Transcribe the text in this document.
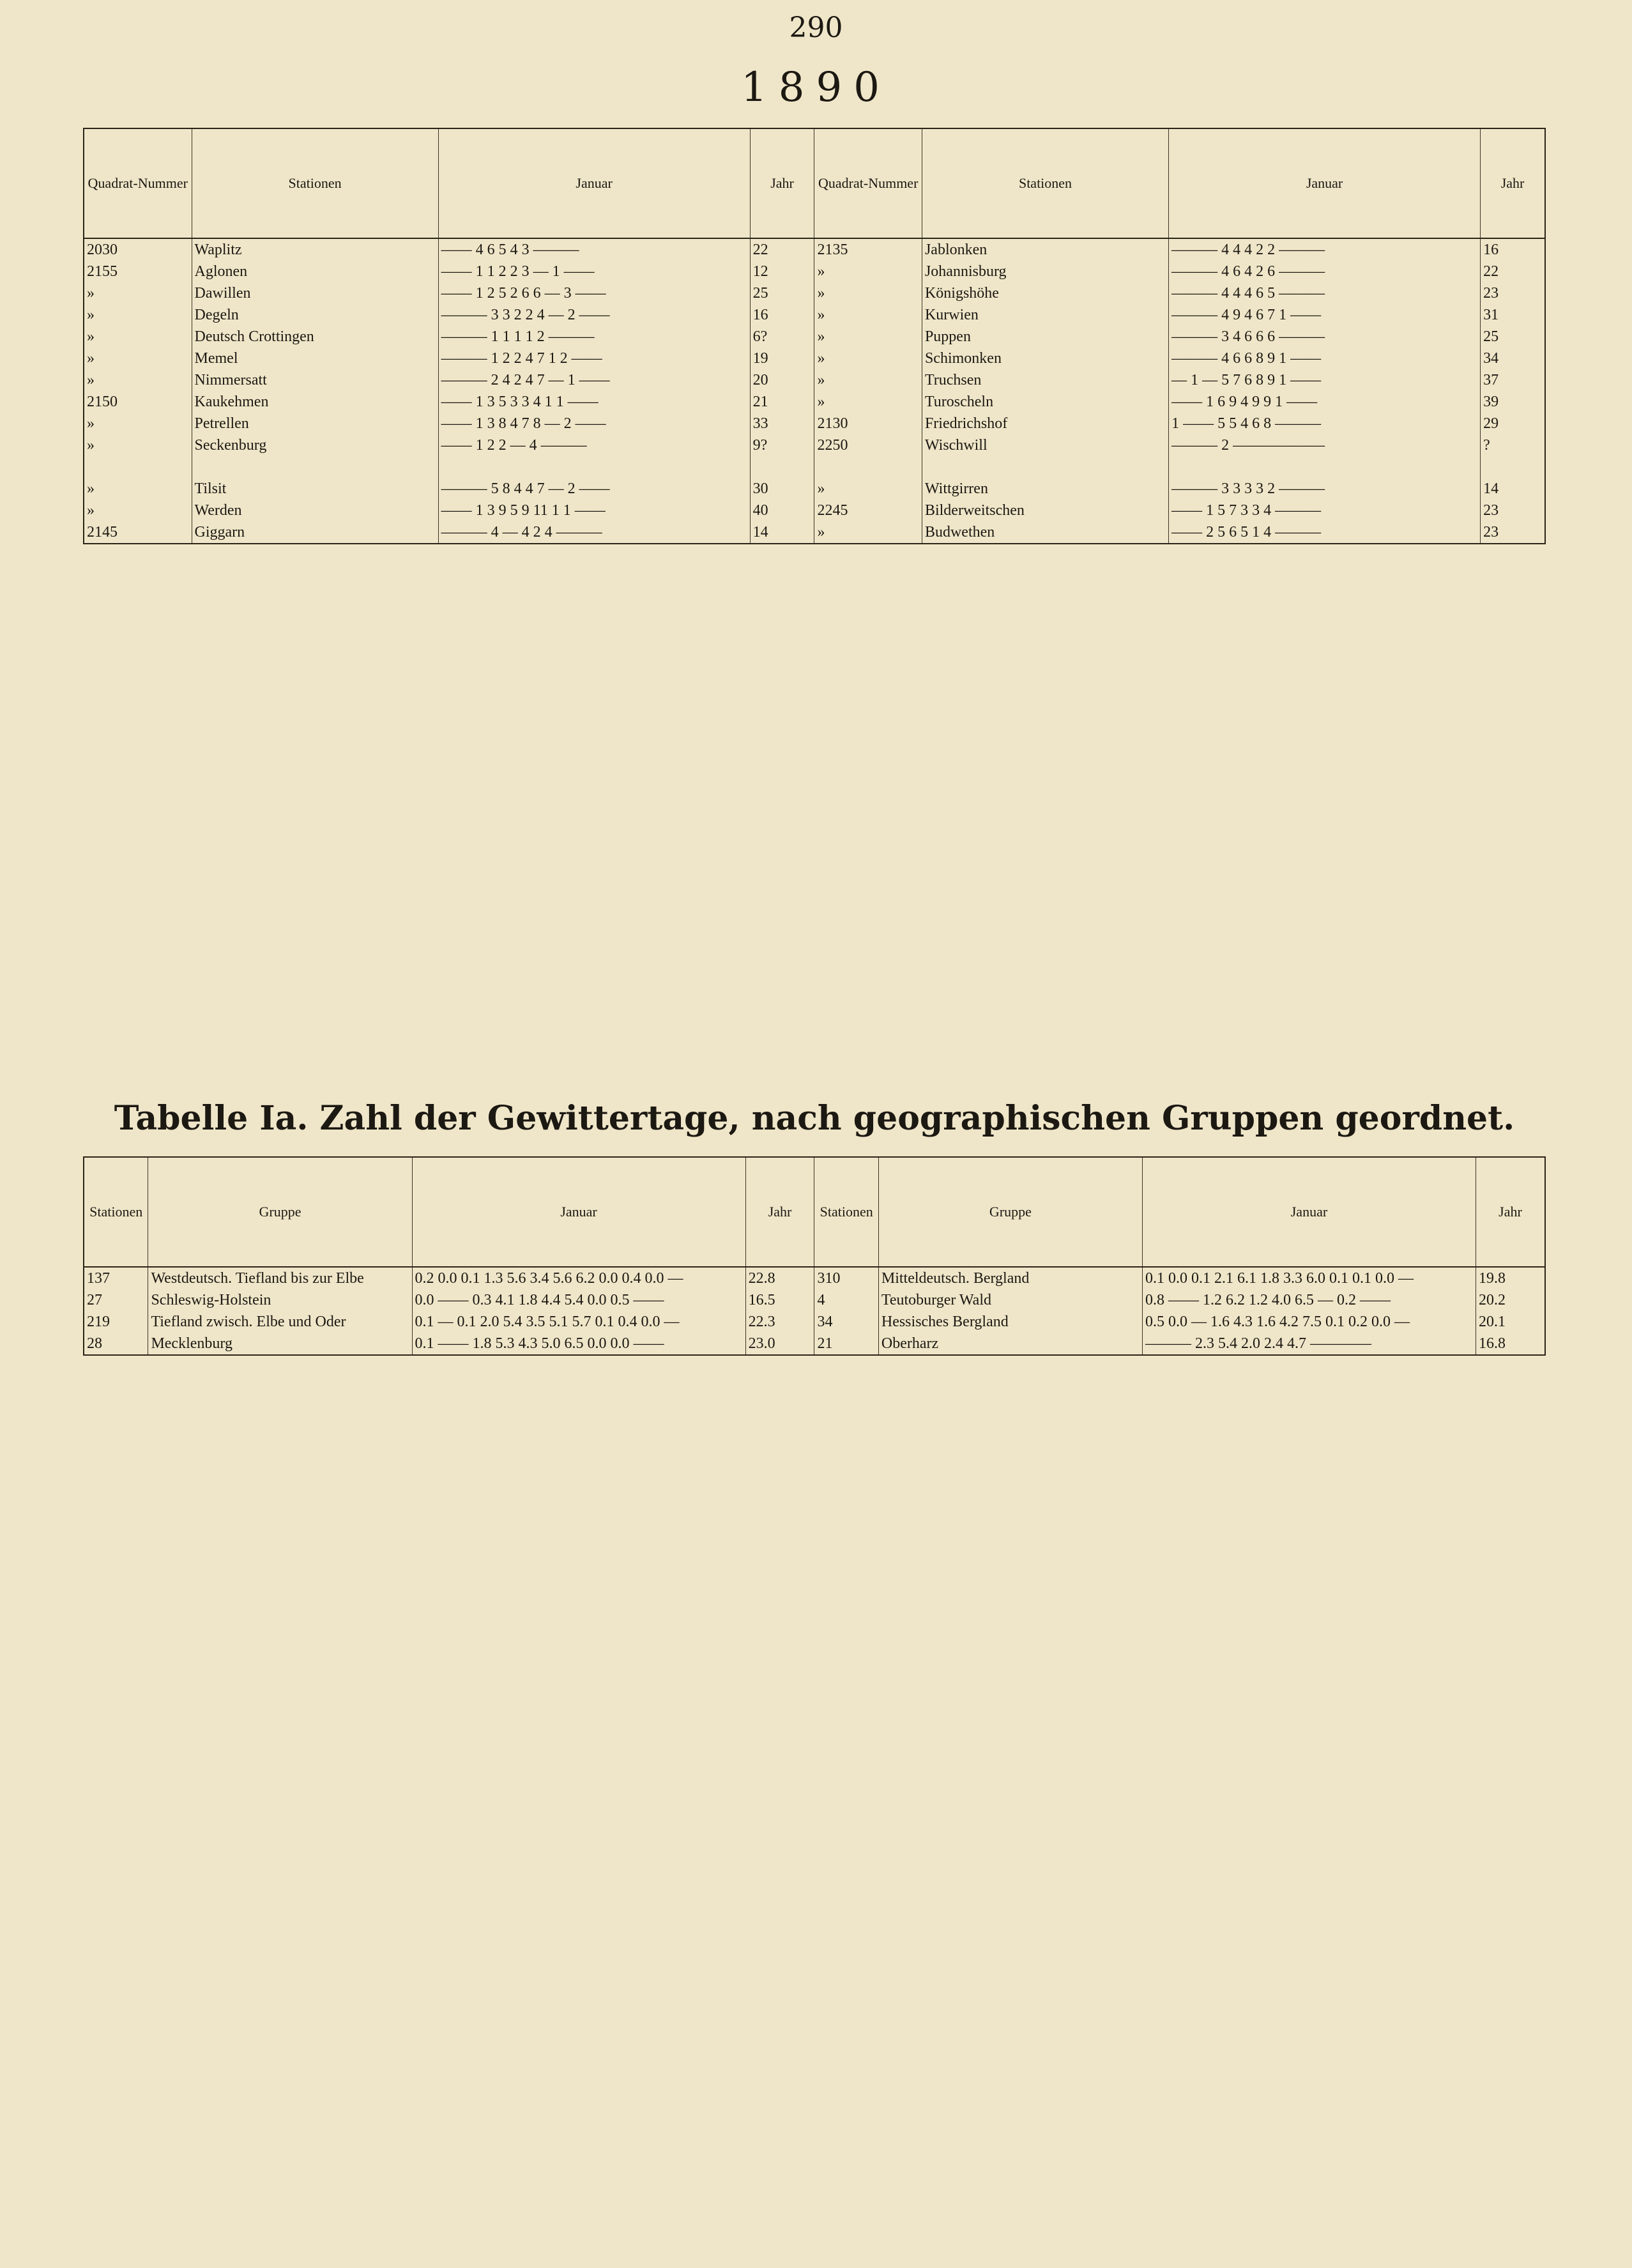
290
1890
Quadrat-Nummer	Stationen	Januar	Jahr	Quadrat-Nummer	Stationen	Januar	Jahr
2030	Waplitz	—— 4 6 5 4 3 ———	22	2135	Jablonken	——— 4 4 4 2 2 ———	16
2155	Aglonen	—— 1 1 2 2 3 — 1 ——	12	»	Johannisburg	——— 4 6 4 2 6 ———	22
»	Dawillen	—— 1 2 5 2 6 6 — 3 ——	25	»	Königshöhe	——— 4 4 4 6 5 ———	23
»	Degeln	——— 3 3 2 2 4 — 2 ——	16	»	Kurwien	——— 4 9 4 6 7 1 ——	31
»	Deutsch Crottingen	——— 1 1 1 1 2 ———	6?	»	Puppen	——— 3 4 6 6 6 ———	25
»	Memel	——— 1 2 2 4 7 1 2 ——	19	»	Schimonken	——— 4 6 6 8 9 1 ——	34
»	Nimmersatt	——— 2 4 2 4 7 — 1 ——	20	»	Truchsen	— 1 — 5 7 6 8 9 1 ——	37
2150	Kaukehmen	—— 1 3 5 3 3 4 1 1 ——	21	»	Turoscheln	—— 1 6 9 4 9 9 1 ——	39
»	Petrellen	—— 1 3 8 4 7 8 — 2 ——	33	2130	Friedrichshof	1 —— 5 5 4 6 8 ———	29
»	Seckenburg	—— 1 2 2 — 4 ———	9?	2250	Wischwill	——— 2 ——————	?

»	Tilsit	——— 5 8 4 4 7 — 2 ——	30	»	Wittgirren	——— 3 3 3 3 2 ———	14
»	Werden	—— 1 3 9 5 9 11 1 1 ——	40	2245	Bilderweitschen	—— 1 5 7 3 3 4 ———	23
2145	Giggarn	——— 4 — 4 2 4 ———	14	»	Budwethen	—— 2 5 6 5 1 4 ———	23
Tabelle Ia. Zahl der Gewittertage, nach geographischen Gruppen geordnet.
Stationen	Gruppe	Januar	Jahr	Stationen	Gruppe	Januar	Jahr
137	Westdeutsch. Tiefland bis zur Elbe	0.2 0.0 0.1 1.3 5.6 3.4 5.6 6.2 0.0 0.4 0.0 —	22.8	310	Mitteldeutsch. Bergland	0.1 0.0 0.1 2.1 6.1 1.8 3.3 6.0 0.1 0.1 0.0 —	19.8
27	Schleswig-Holstein	0.0 —— 0.3 4.1 1.8 4.4 5.4 0.0 0.5 ——	16.5	4	Teutoburger Wald	0.8 —— 1.2 6.2 1.2 4.0 6.5 — 0.2 ——	20.2
219	Tiefland zwisch. Elbe und Oder	0.1 — 0.1 2.0 5.4 3.5 5.1 5.7 0.1 0.4 0.0 —	22.3	34	Hessisches Bergland	0.5 0.0 — 1.6 4.3 1.6 4.2 7.5 0.1 0.2 0.0 —	20.1
28	Mecklenburg	0.1 —— 1.8 5.3 4.3 5.0 6.5 0.0 0.0 ——	23.0	21	Oberharz	——— 2.3 5.4 2.0 2.4 4.7 ————	16.8
